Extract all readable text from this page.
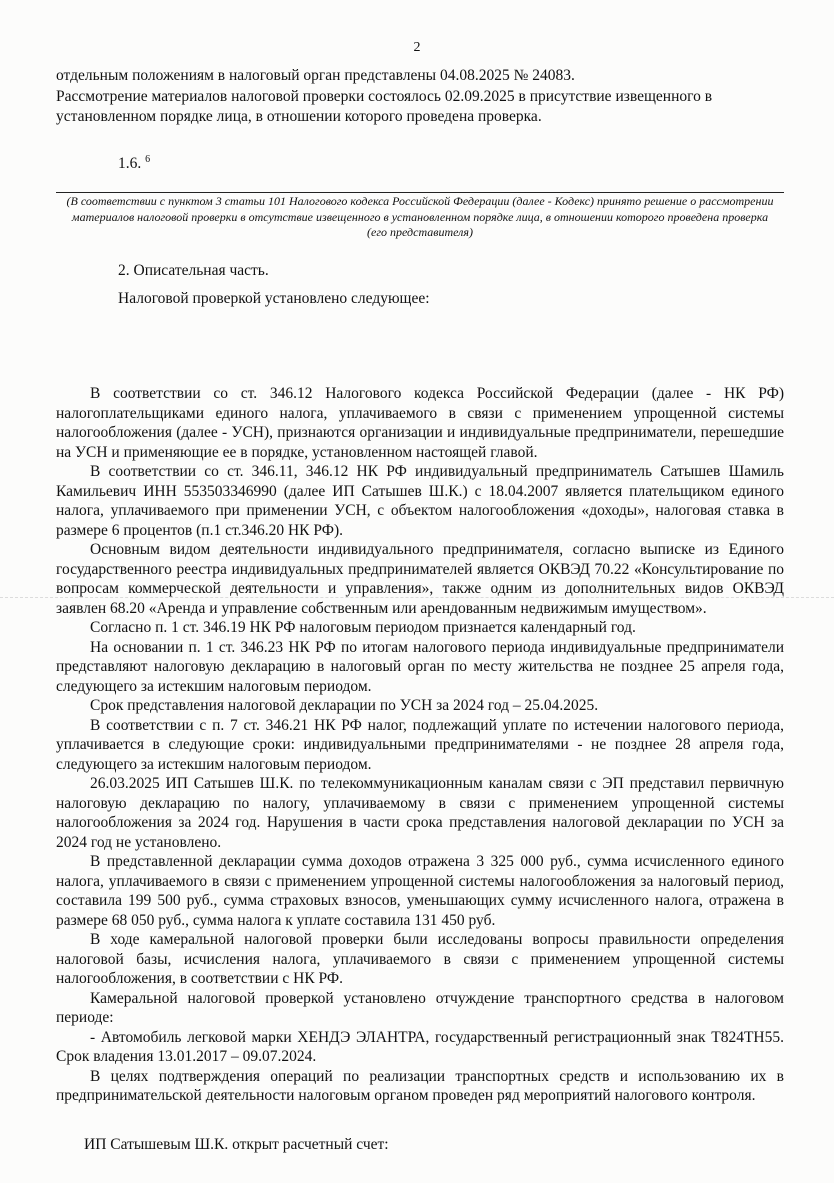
2

отдельным положениям в налоговый орган представлены 04.08.2025 № 24083.

Рассмотрение материалов налоговой проверки состоялось 02.09.2025 в присутствие извещенного в

установленном порядке лица, в отношении которого проведена проверка.

1.6. $^6$
(В соответствии с пунктом 3 статьи 101 Налогового кодекса Российской Федерации (далее - Кодекс) принято решение о рассмотрении материалов налоговой проверки в отсутствие извещенного в установленном порядке лица, в отношении которого проведена проверка (его представителя)
2. Описательная часть.
Налоговой проверкой установлено следующее:

В соответствии со ст. 346.12 Налогового кодекса Российской Федерации (далее - НК РФ) налогоплательщиками единого налога, уплачиваемого в связи с применением упрощенной системы налогообложения (далее - УСН), признаются организации и индивидуальные предприниматели, перешедшие на УСН и применяющие ее в порядке, установленном настоящей главой.

В соответствии со ст. 346.11, 346.12 НК РФ индивидуальный предприниматель Сатышев Шамиль Камильевич ИНН 553503346990 (далее ИП Сатышев Ш.К.) с 18.04.2007 является плательщиком единого налога, уплачиваемого при применении УСН, с объектом налогообложения «доходы», налоговая ставка в размере 6 процентов (п.1 ст.346.20 НК РФ).

Основным видом деятельности индивидуального предпринимателя, согласно выписке из Единого государственного реестра индивидуальных предпринимателей является ОКВЭД 70.22 «Консультирование по вопросам коммерческой деятельности и управления», также одним из дополнительных видов ОКВЭД заявлен 68.20 «Аренда и управление собственным или арендованным недвижимым имуществом».

Согласно п. 1 ст. 346.19 НК РФ налоговым периодом признается календарный год.

На основании п. 1 ст. 346.23 НК РФ по итогам налогового периода индивидуальные предприниматели представляют налоговую декларацию в налоговый орган по месту жительства не позднее 25 апреля года, следующего за истекшим налоговым периодом.

Срок представления налоговой декларации по УСН за 2024 год – 25.04.2025.

В соответствии с п. 7 ст. 346.21 НК РФ налог, подлежащий уплате по истечении налогового периода, уплачивается в следующие сроки: индивидуальными предпринимателями - не позднее 28 апреля года, следующего за истекшим налоговым периодом.

26.03.2025 ИП Сатышев Ш.К. по телекоммуникационным каналам связи с ЭП представил первичную налоговую декларацию по налогу, уплачиваемому в связи с применением упрощенной системы налогообложения за 2024 год. Нарушения в части срока представления налоговой декларации по УСН за 2024 год не установлено.

В представленной декларации сумма доходов отражена 3 325 000 руб., сумма исчисленного единого налога, уплачиваемого в связи с применением упрощенной системы налогообложения за налоговый период, составила 199 500 руб., сумма страховых взносов, уменьшающих сумму исчисленного налога, отражена в размере 68 050 руб., сумма налога к уплате составила 131 450 руб.

В ходе камеральной налоговой проверки были исследованы вопросы правильности определения налоговой базы, исчисления налога, уплачиваемого в связи с применением упрощенной системы налогообложения, в соответствии с НК РФ.

Камеральной налоговой проверкой установлено отчуждение транспортного средства в налоговом периоде:

- Автомобиль легковой марки ХЕНДЭ ЭЛАНТРА, государственный регистрационный знак Т824ТН55. Срок владения 13.01.2017 – 09.07.2024.

В целях подтверждения операций по реализации транспортных средств и использованию их в предпринимательской деятельности налоговым органом проведен ряд мероприятий налогового контроля.

ИП Сатышевым Ш.К. открыт расчетный счет:
